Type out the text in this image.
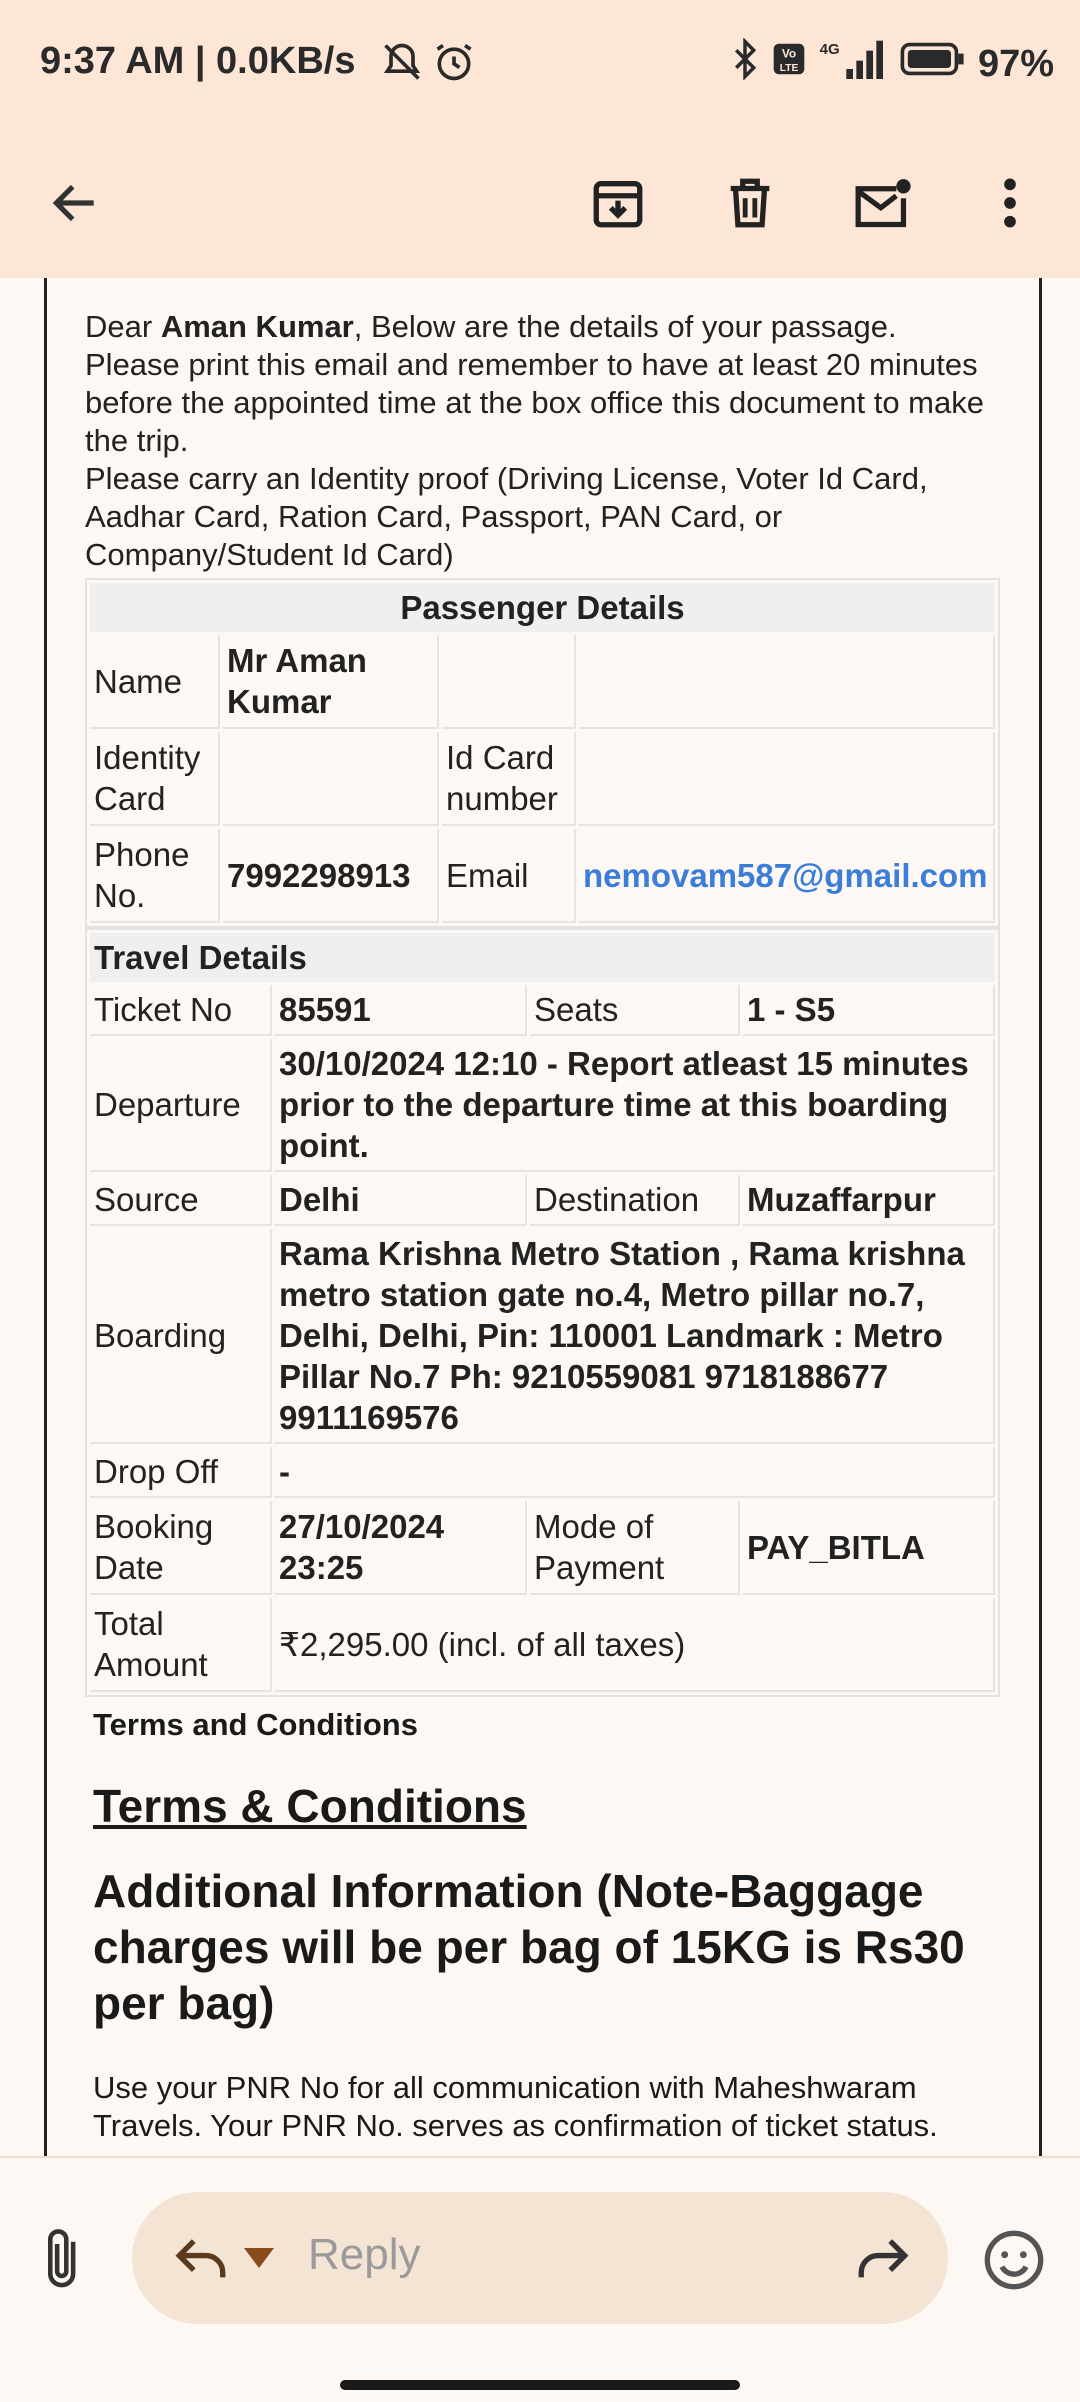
9:37 AM | 0.0KB/s	Vo
LTE
4G	97%
Dear Aman Kumar, Below are the details of your passage.
Please print this email and remember to have at least 20 minutes before the appointed time at the box office this document to make the trip.
Please carry an Identity proof (Driving License, Voter Id Card, Aadhar Card, Ration Card, Passport, PAN Card, or Company/Student Id Card)
Passenger Details			
Name	Mr Aman Kumar		
Identity Card		Id Card number	
Phone No.	7992298913	Email	nemovam587@gmail.com
Travel Details			
Ticket No	85591	Seats	1 - S5
Departure	30/10/2024 12:10 - Report atleast 15 minutes prior to the departure time at this boarding point.		
Source	Delhi	Destination	Muzaffarpur
Boarding	Rama Krishna Metro Station , Rama krishna metro station gate no.4, Metro pillar no.7, Delhi, Delhi, Pin: 110001 Landmark : Metro Pillar No.7 Ph: 9210559081 9718188677 9911169576		
Drop Off	-		
Booking Date	27/10/2024 23:25	Mode of Payment	PAY_BITLA
Total Amount	₹2,295.00 (incl. of all taxes)		
Terms and Conditions
Terms & Conditions
Additional Information (Note-Baggage charges will be per bag of 15KG is Rs30 per bag)
Use your PNR No for all communication with Maheshwaram Travels. Your PNR No. serves as confirmation of ticket status.
Reply
